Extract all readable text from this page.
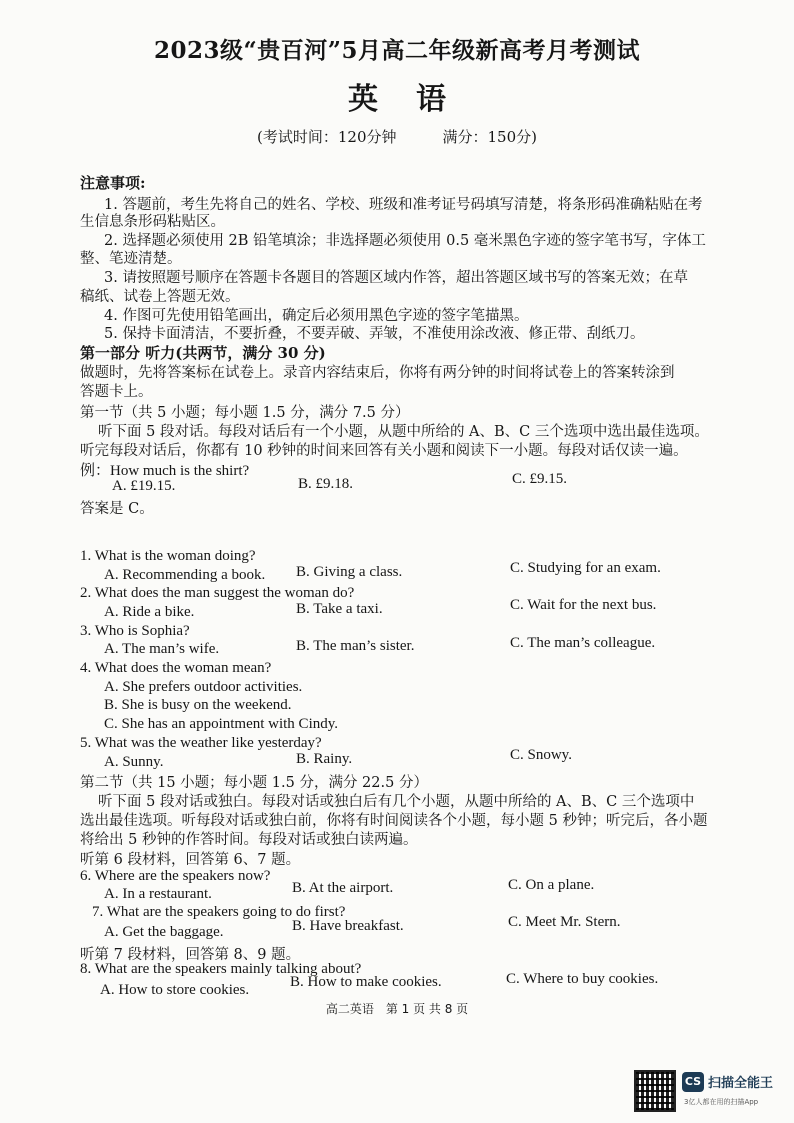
2023级“贵百河”5月高二年级新高考月考测试
英语
(考试时间：120分钟	满分：150分)
注意事项:
1. 答题前，考生先将自己的姓名、学校、班级和准考证号码填写清楚，将条形码准确粘贴在考
生信息条形码粘贴区。
2. 选择题必须使用 2B 铅笔填涂；非选择题必须使用 0.5 毫米黑色字迹的签字笔书写，字体工
整、笔迹清楚。
3. 请按照题号顺序在答题卡各题目的答题区域内作答，超出答题区域书写的答案无效；在草
稿纸、试卷上答题无效。
4. 作图可先使用铅笔画出，确定后必须用黑色字迹的签字笔描黑。
5. 保持卡面清洁，不要折叠，不要弄破、弄皱，不准使用涂改液、修正带、刮纸刀。
第一部分 听力(共两节，满分 30 分)
做题时，先将答案标在试卷上。录音内容结束后，你将有两分钟的时间将试卷上的答案转涂到
答题卡上。
第一节（共 5 小题；每小题 1.5 分，满分 7.5 分）
听下面 5 段对话。每段对话后有一个小题，从题中所给的 A、B、C 三个选项中选出最佳选项。
听完每段对话后，你都有 10 秒钟的时间来回答有关小题和阅读下一小题。每段对话仅读一遍。
例：How much is the shirt?
A. £19.15.	B. £9.18.	C. £9.15.
答案是 C。
1. What is the woman doing?
A. Recommending a book. B. Giving a class.	C. Studying for an exam.
2. What does the man suggest the woman do?
A. Ride a bike.	B. Take a taxi.	C. Wait for the next bus.
3. Who is Sophia?
A. The man’s wife.	B. The man’s sister.	C. The man’s colleague.
4. What does the woman mean?
A. She prefers outdoor activities.
B. She is busy on the weekend.
C. She has an appointment with Cindy.
5. What was the weather like yesterday?
A. Sunny.	B. Rainy.	C. Snowy.
第二节（共 15 小题；每小题 1.5 分，满分 22.5 分）
听下面 5 段对话或独白。每段对话或独白后有几个小题，从题中所给的 A、B、C 三个选项中
选出最佳选项。听每段对话或独白前，你将有时间阅读各个小题，每小题 5 秒钟；听完后，各小题
将给出 5 秒钟的作答时间。每段对话或独白读两遍。
听第 6 段材料，回答第 6、7 题。
6. Where are the speakers now?
A. In a restaurant.	B. At the airport.	C. On a plane.
7. What are the speakers going to do first?
A. Get the baggage.	B. Have breakfast.	C. Meet Mr. Stern.
听第 7 段材料，回答第 8、9 题。
8. What are the speakers mainly talking about?
A. How to store cookies.	B. How to make cookies.	C. Where to buy cookies.
高二英语　第 1 页 共 8 页
CS 扫描全能王
3亿人都在用的扫描App
